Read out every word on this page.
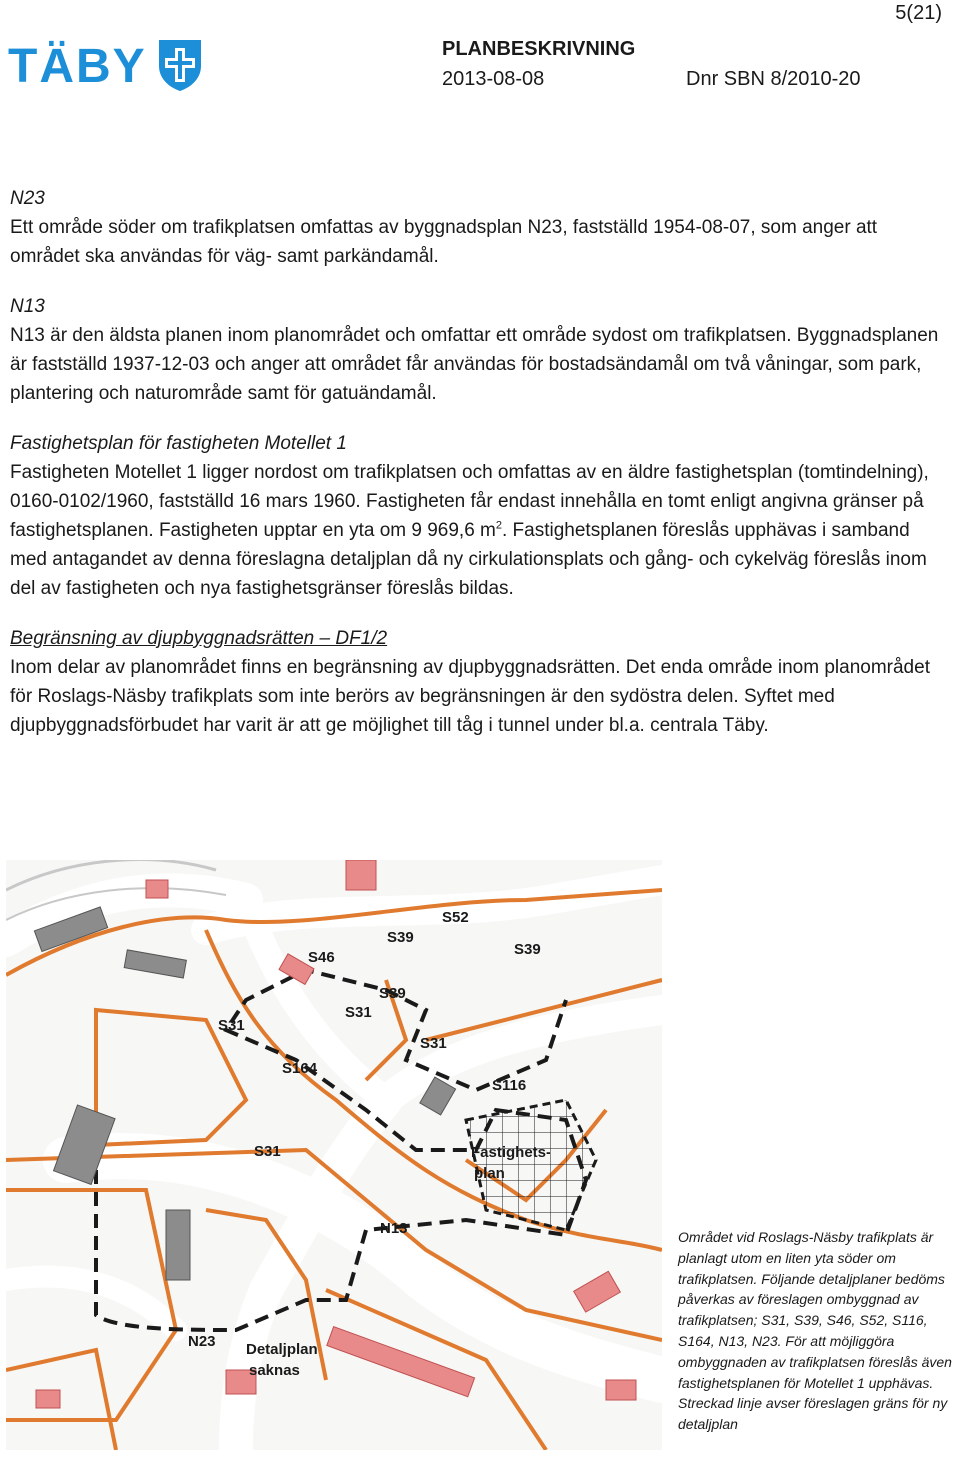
5(21)
TÄBY	PLANBESKRIVNING
2013-08-08	Dnr SBN 8/2010-20
N23
Ett område söder om trafikplatsen omfattas av byggnadsplan N23, fastställd 1954-08-07, som anger att området ska användas för väg- samt parkändamål.
N13
N13 är den äldsta planen inom planområdet och omfattar ett område sydost om trafikplatsen. Byggnadsplanen är fastställd 1937-12-03 och anger att området får användas för bostadsändamål om två våningar, som park, plantering och naturområde samt för gatuändamål.
Fastighetsplan för fastigheten Motellet 1
Fastigheten Motellet 1 ligger nordost om trafikplatsen och omfattas av en äldre fastighetsplan (tomtindelning), 0160-0102/1960, fastställd 16 mars 1960. Fastigheten får endast innehålla en tomt enligt angivna gränser på fastighetsplanen. Fastigheten upptar en yta om 9 969,6 $m^2$. Fastighetsplanen föreslås upphävas i samband med antagandet av denna föreslagna detaljplan då ny cirkulationsplats och gång- och cykelväg föreslås inom del av fastigheten och nya fastighetsgränser föreslås bildas.
Begränsning av djupbyggnadsrätten – DF1/2
Inom delar av planområdet finns en begränsning av djupbyggnadsrätten. Det enda område inom planområdet för Roslags-Näsby trafikplats som inte berörs av begränsningen är den sydöstra delen. Syftet med djupbyggnadsförbudet har varit är att ge möjlighet till tåg i tunnel under bl.a. centrala Täby.
S52
S39
S39
S46
S39
S31
S31
S31
S164
S116
S31	Fastighets-
plan
N13
N23 Detaljplan
saknas
Området vid Roslags-Näsby trafikplats är planlagt utom en liten yta söder om trafikplatsen. Följande detaljplaner bedöms påverkas av föreslagen ombyggnad av trafikplatsen; S31, S39, S46, S52, S116, S164, N13, N23. För att möjliggöra ombyggnaden av trafikplatsen föreslås även fastighetsplanen för Motellet 1 upphävas. Streckad linje avser föreslagen gräns för ny detaljplan
